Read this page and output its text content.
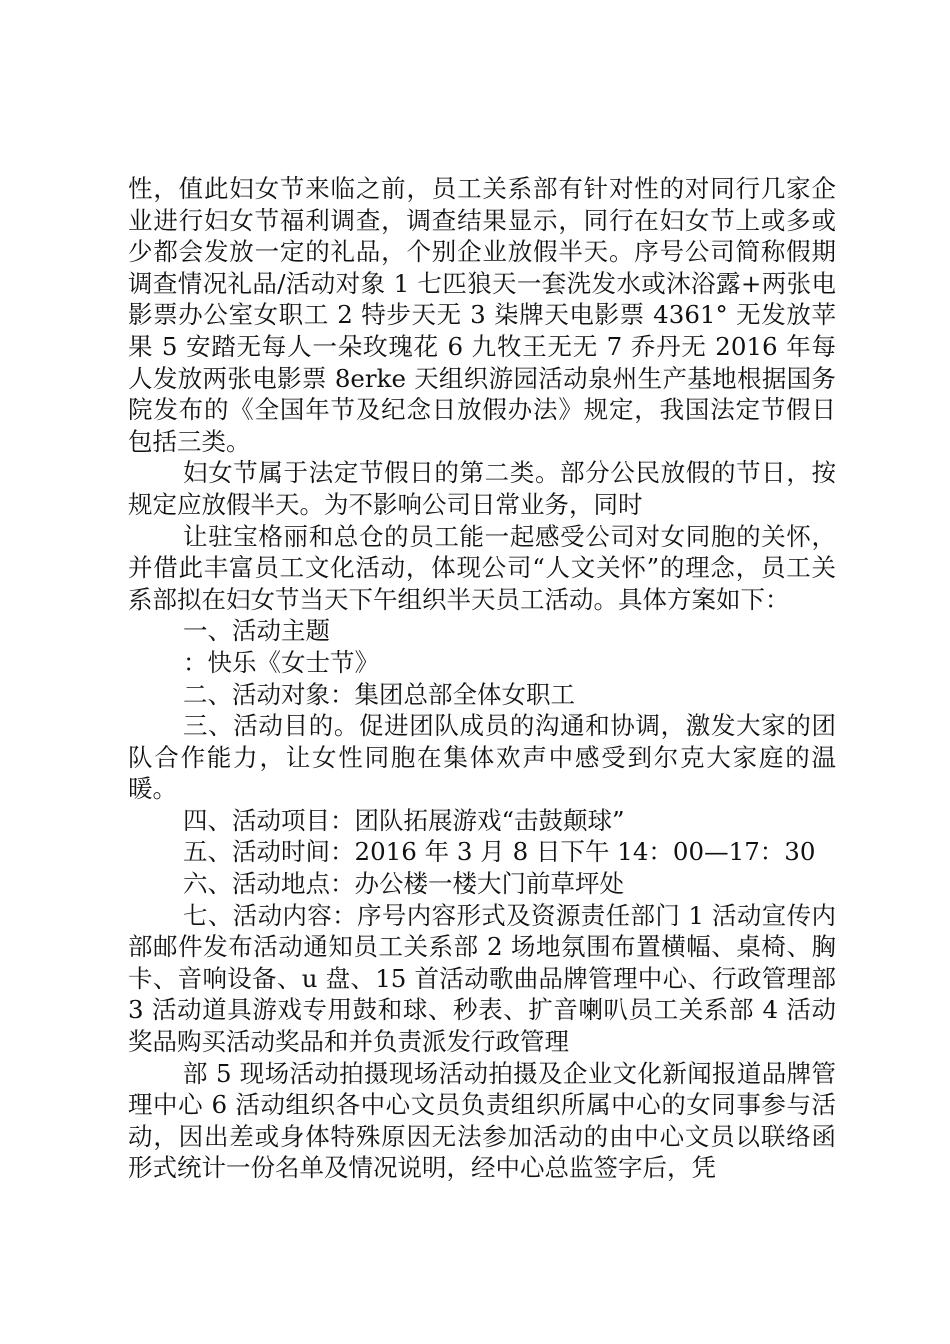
性，值此妇女节来临之前，员工关系部有针对性的对同行几家企业进行妇女节福利调查，调查结果显示，同行在妇女节上或多或少都会发放一定的礼品，个别企业放假半天。序号公司简称假期调查情况礼品/活动对象 1 七匹狼天一套洗发水或沐浴露+两张电影票办公室女职工 2 特步天无 3 柒牌天电影票 4361° 无发放苹果 5 安踏无每人一朵玫瑰花 6 九牧王无无 7 乔丹无 2016 年每人发放两张电影票 8erke 天组织游园活动泉州生产基地根据国务院发布的《全国年节及纪念日放假办法》规定，我国法定节假日包括三类。

妇女节属于法定节假日的第二类。部分公民放假的节日，按规定应放假半天。为不影响公司日常业务，同时

让驻宝格丽和总仓的员工能一起感受公司对女同胞的关怀，并借此丰富员工文化活动，体现公司“人文关怀”的理念，员工关系部拟在妇女节当天下午组织半天员工活动。具体方案如下：

一、活动主题

：快乐《女士节》

二、活动对象：集团总部全体女职工

三、活动目的。促进团队成员的沟通和协调，激发大家的团队合作能力，让女性同胞在集体欢声中感受到尔克大家庭的温暖。

四、活动项目：团队拓展游戏“击鼓颠球”

五、活动时间：2016 年 3 月 8 日下午 14：00—17：30

六、活动地点：办公楼一楼大门前草坪处

七、活动内容：序号内容形式及资源责任部门 1 活动宣传内部邮件发布活动通知员工关系部 2 场地氛围布置横幅、桌椅、胸卡、音响设备、u 盘、15 首活动歌曲品牌管理中心、行政管理部 3 活动道具游戏专用鼓和球、秒表、扩音喇叭员工关系部 4 活动奖品购买活动奖品和并负责派发行政管理

部 5 现场活动拍摄现场活动拍摄及企业文化新闻报道品牌管理中心 6 活动组织各中心文员负责组织所属中心的女同事参与活动，因出差或身体特殊原因无法参加活动的由中心文员以联络函形式统计一份名单及情况说明，经中心总监签字后，凭
